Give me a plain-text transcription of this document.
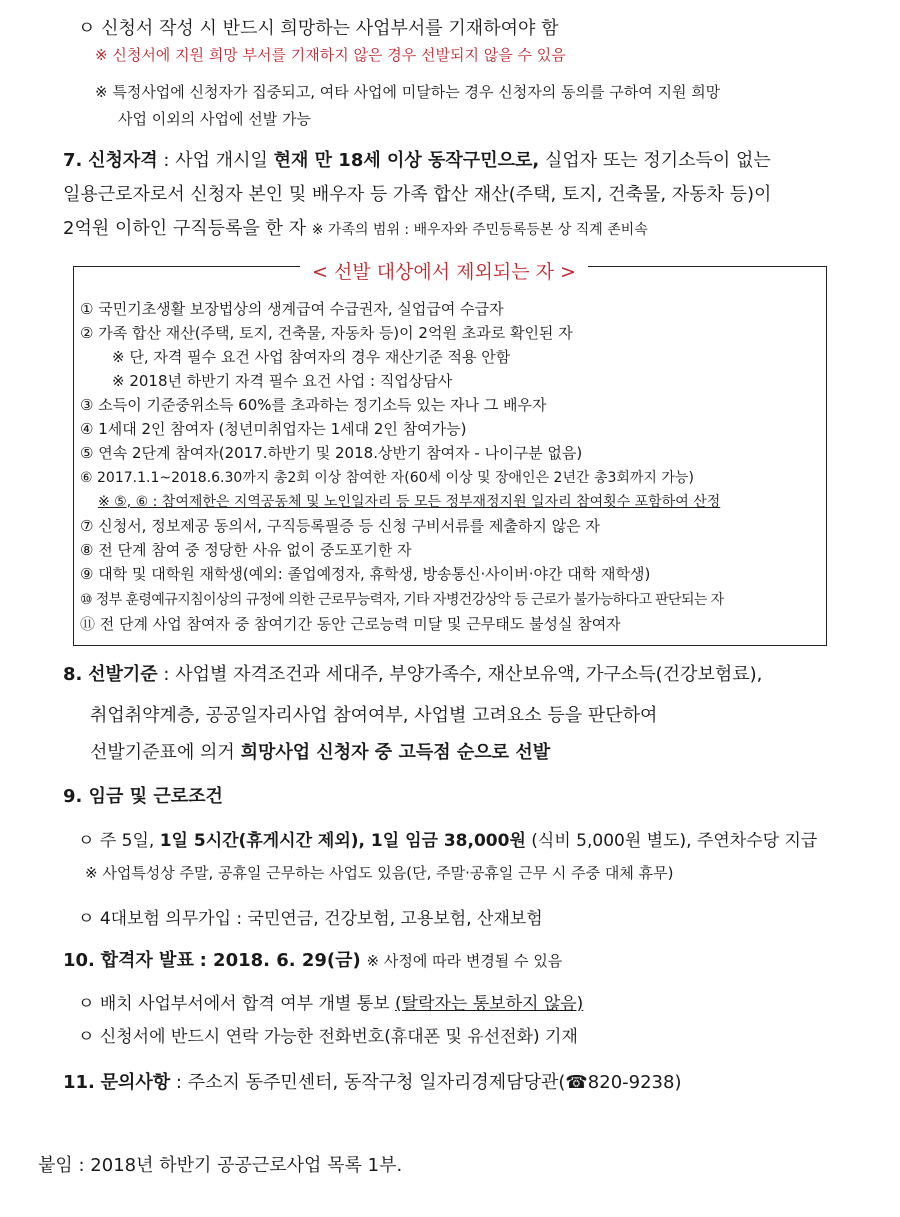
ㅇ 신청서 작성 시 반드시 희망하는 사업부서를 기재하여야 함
※ 신청서에 지원 희망 부서를 기재하지 않은 경우 선발되지 않을 수 있음
※ 특정사업에 신청자가 집중되고, 여타 사업에 미달하는 경우 신청자의 동의를 구하여 지원 희망
사업 이외의 사업에 선발 가능
7. 신청자격 : 사업 개시일 현재 만 18세 이상 동작구민으로, 실업자 또는 정기소득이 없는
일용근로자로서 신청자 본인 및 배우자 등 가족 합산 재산(주택, 토지, 건축물, 자동차 등)이
2억원 이하인 구직등록을 한 자 ※ 가족의 범위 : 배우자와 주민등록등본 상 직계 존비속
< 선발 대상에서 제외되는 자 >
① 국민기초생활 보장법상의 생계급여 수급권자, 실업급여 수급자
② 가족 합산 재산(주택, 토지, 건축물, 자동차 등)이 2억원 초과로 확인된 자
※ 단, 자격 필수 요건 사업 참여자의 경우 재산기준 적용 안함
※ 2018년 하반기 자격 필수 요건 사업 : 직업상담사
③ 소득이 기준중위소득 60%를 초과하는 정기소득 있는 자나 그 배우자
④ 1세대 2인 참여자 (청년미취업자는 1세대 2인 참여가능)
⑤ 연속 2단계 참여자(2017.하반기 및 2018.상반기 참여자 - 나이구분 없음)
⑥ 2017.1.1~2018.6.30까지 총2회 이상 참여한 자(60세 이상 및 장애인은 2년간 총3회까지 가능)
※ ⑤, ⑥ : 참여제한은 지역공동체 및 노인일자리 등 모든 정부재정지원 일자리 참여횟수 포함하여 산정
⑦ 신청서, 정보제공 동의서, 구직등록필증 등 신청 구비서류를 제출하지 않은 자
⑧ 전 단계 참여 중 정당한 사유 없이 중도포기한 자
⑨ 대학 및 대학원 재학생(예외: 졸업예정자, 휴학생, 방송통신·사이버·야간 대학 재학생)
⑩ 정부 훈령예규지침이상의 규정에 의한 근로무능력자, 기타 자병건강상악 등 근로가 불가능하다고 판단되는 자
⑪ 전 단계 사업 참여자 중 참여기간 동안 근로능력 미달 및 근무태도 불성실 참여자
8. 선발기준 : 사업별 자격조건과 세대주, 부양가족수, 재산보유액, 가구소득(건강보험료),
취업취약계층, 공공일자리사업 참여여부, 사업별 고려요소 등을 판단하여
선발기준표에 의거 희망사업 신청자 중 고득점 순으로 선발
9. 임금 및 근로조건
ㅇ 주 5일, 1일 5시간(휴게시간 제외), 1일 임금 38,000원 (식비 5,000원 별도), 주연차수당 지급
※ 사업특성상 주말, 공휴일 근무하는 사업도 있음(단, 주말·공휴일 근무 시 주중 대체 휴무)
ㅇ 4대보험 의무가입 : 국민연금, 건강보험, 고용보험, 산재보험
10. 합격자 발표 : 2018. 6. 29(금) ※ 사정에 따라 변경될 수 있음
ㅇ 배치 사업부서에서 합격 여부 개별 통보 (탈락자는 통보하지 않음)
ㅇ 신청서에 반드시 연락 가능한 전화번호(휴대폰 및 유선전화) 기재
11. 문의사항 : 주소지 동주민센터, 동작구청 일자리경제담당관(☎820-9238)
붙임 : 2018년 하반기 공공근로사업 목록 1부.
